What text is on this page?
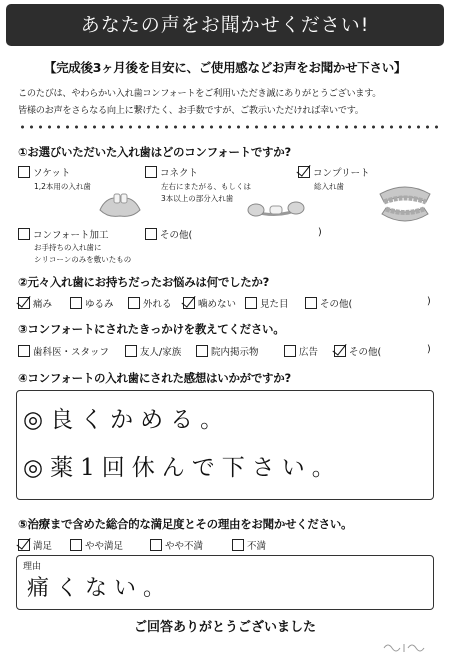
あなたの声をお聞かせください!
【完成後3ヶ月後を目安に、ご使用感などお声をお聞かせ下さい】
このたびは、やわらかい入れ歯コンフォートをご利用いただき誠にありがとうございます。
皆様のお声をさらなる向上に繋げたく、お手数ですが、ご教示いただければ幸いです。
①お選びいただいた入れ歯はどのコンフォートですか?
ソケット
1,2本用の入れ歯
コネクト
左右にまたがる、もしくは
3本以上の部分入れ歯
コンプリート
総入れ歯
コンフォート加工
お手持ちの入れ歯に
シリコーンのみを敷いたもの
その他(	)
②元々入れ歯にお持ちだったお悩みは何でしたか?
痛み	ゆるみ	外れる	噛めない	見た目	その他(	)
③コンフォートにされたきっかけを教えてください。
歯科医・スタッフ	友人/家族	院内掲示物	広告	その他(	)
④コンフォートの入れ歯にされた感想はいかがですか?
◎良くかめる。
◎薬1回休んで下さい。
⑤治療まで含めた総合的な満足度とその理由をお聞かせください。
満足	やや満足	やや不満	不満
理由
痛くない。
ご回答ありがとうございました
